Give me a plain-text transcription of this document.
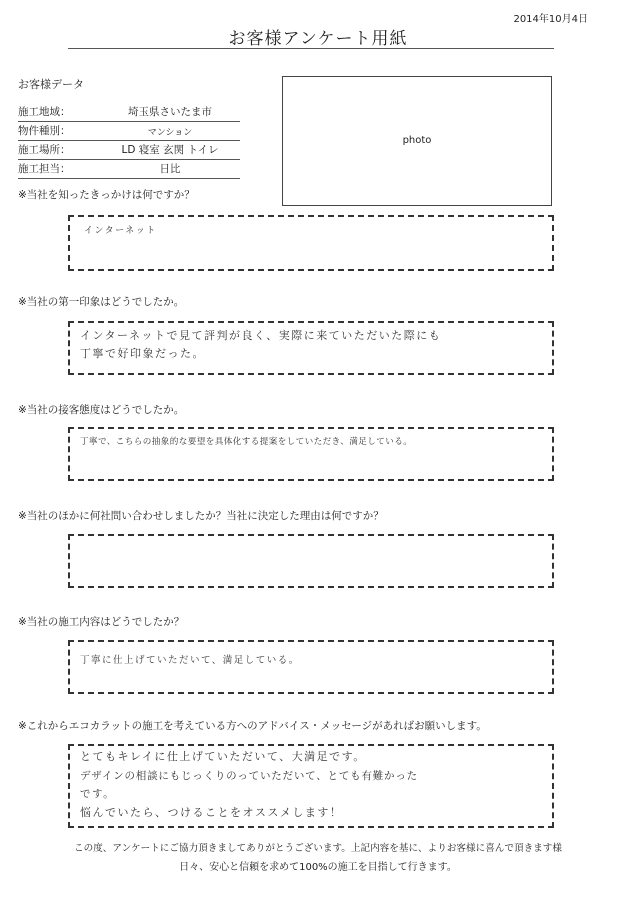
2014年10月4日
お客様アンケート用紙
お客様データ
施工地域：	埼玉県さいたま市
物件種別：	マンション
施工場所：	LD 寝室 玄関 トイレ
施工担当：	日比
photo
※当社を知ったきっかけは何ですか？
インターネット
※当社の第一印象はどうでしたか。
インターネットで見て評判が良く、実際に来ていただいた際にも
丁寧で好印象だった。
※当社の接客態度はどうでしたか。
丁寧で、こちらの抽象的な要望を具体化する提案をしていただき、満足している。
※当社のほかに何社問い合わせしましたか？当社に決定した理由は何ですか？
※当社の施工内容はどうでしたか？
丁寧に仕上げていただいて、満足している。
※これからエコカラットの施工を考えている方へのアドバイス・メッセージがあればお願いします。
とてもキレイに仕上げていただいて、大満足です。
デザインの相談にもじっくりのっていただいて、とても有難かった
です。
悩んでいたら、つけることをオススメします！
この度、アンケートにご協力頂きましてありがとうございます。上記内容を基に、よりお客様に喜んで頂きます様
日々、安心と信頼を求めて100%の施工を目指して行きます。
